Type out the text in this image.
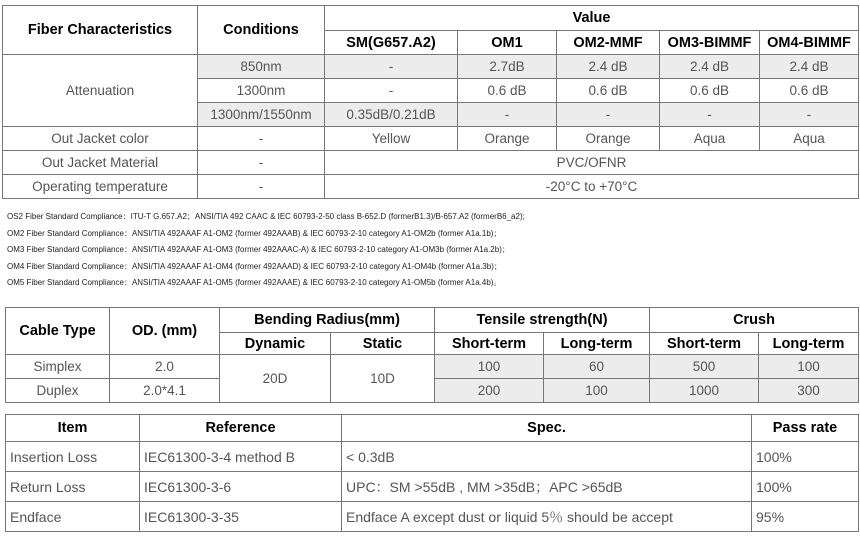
Fiber Characteristics	Conditions	Value				
		SM(G657.A2)	OM1	OM2-MMF	OM3-BIMMF	OM4-BIMMF
Attenuation	850nm	-	2.7dB	2.4 dB	2.4 dB	2.4 dB
	1300nm	-	0.6 dB	0.6 dB	0.6 dB	0.6 dB
	1300nm/1550nm	0.35dB/0.21dB	-	-	-	-
Out Jacket color	-	Yellow	Orange	Orange	Aqua	Aqua
Out Jacket Material	-	PVC/OFNR				
Operating temperature	-	-20°C to +70°C				
OS2 Fiber Standard Compliance：ITU-T G.657.A2；ANSI/TIA 492 CAAC & IEC 60793-2-50 class B-652.D (formerB1.3)/B-657.A2 (formerB6_a2);
OM2 Fiber Standard Compliance：ANSI/TIA 492AAAF A1-OM2 (former 492AAAB) & IEC 60793-2-10 category A1-OM2b (former A1a.1b)；
OM3 Fiber Standard Compliance：ANSI/TIA 492AAAF A1-OM3 (former 492AAAC-A) & IEC 60793-2-10 category A1-OM3b (former A1a.2b)；
OM4 Fiber Standard Compliance：ANSI/TIA 492AAAF A1-OM4 (former 492AAAD) & IEC 60793-2-10 category A1-OM4b (former A1a.3b)；
OM5 Fiber Standard Compliance：ANSI/TIA 492AAAF A1-OM5 (former 492AAAE) & IEC 60793-2-10 category A1-OM5b (former A1a.4b)。
Cable Type	OD. (mm)	Bending Radius(mm)		Tensile strength(N)		Crush	
		Dynamic	Static	Short-term	Long-term	Short-term	Long-term
Simplex	2.0	20D	10D	100	60	500	100
Duplex	2.0*4.1			200	100	1000	300
Item	Reference	Spec.	Pass rate
Insertion Loss	IEC61300-3-4 method B	< 0.3dB	100%
Return Loss	IEC61300-3-6	UPC：SM >55dB , MM >35dB；APC >65dB	100%
Endface	IEC61300-3-35	Endface A except dust or liquid 5％ should be accept	95%
